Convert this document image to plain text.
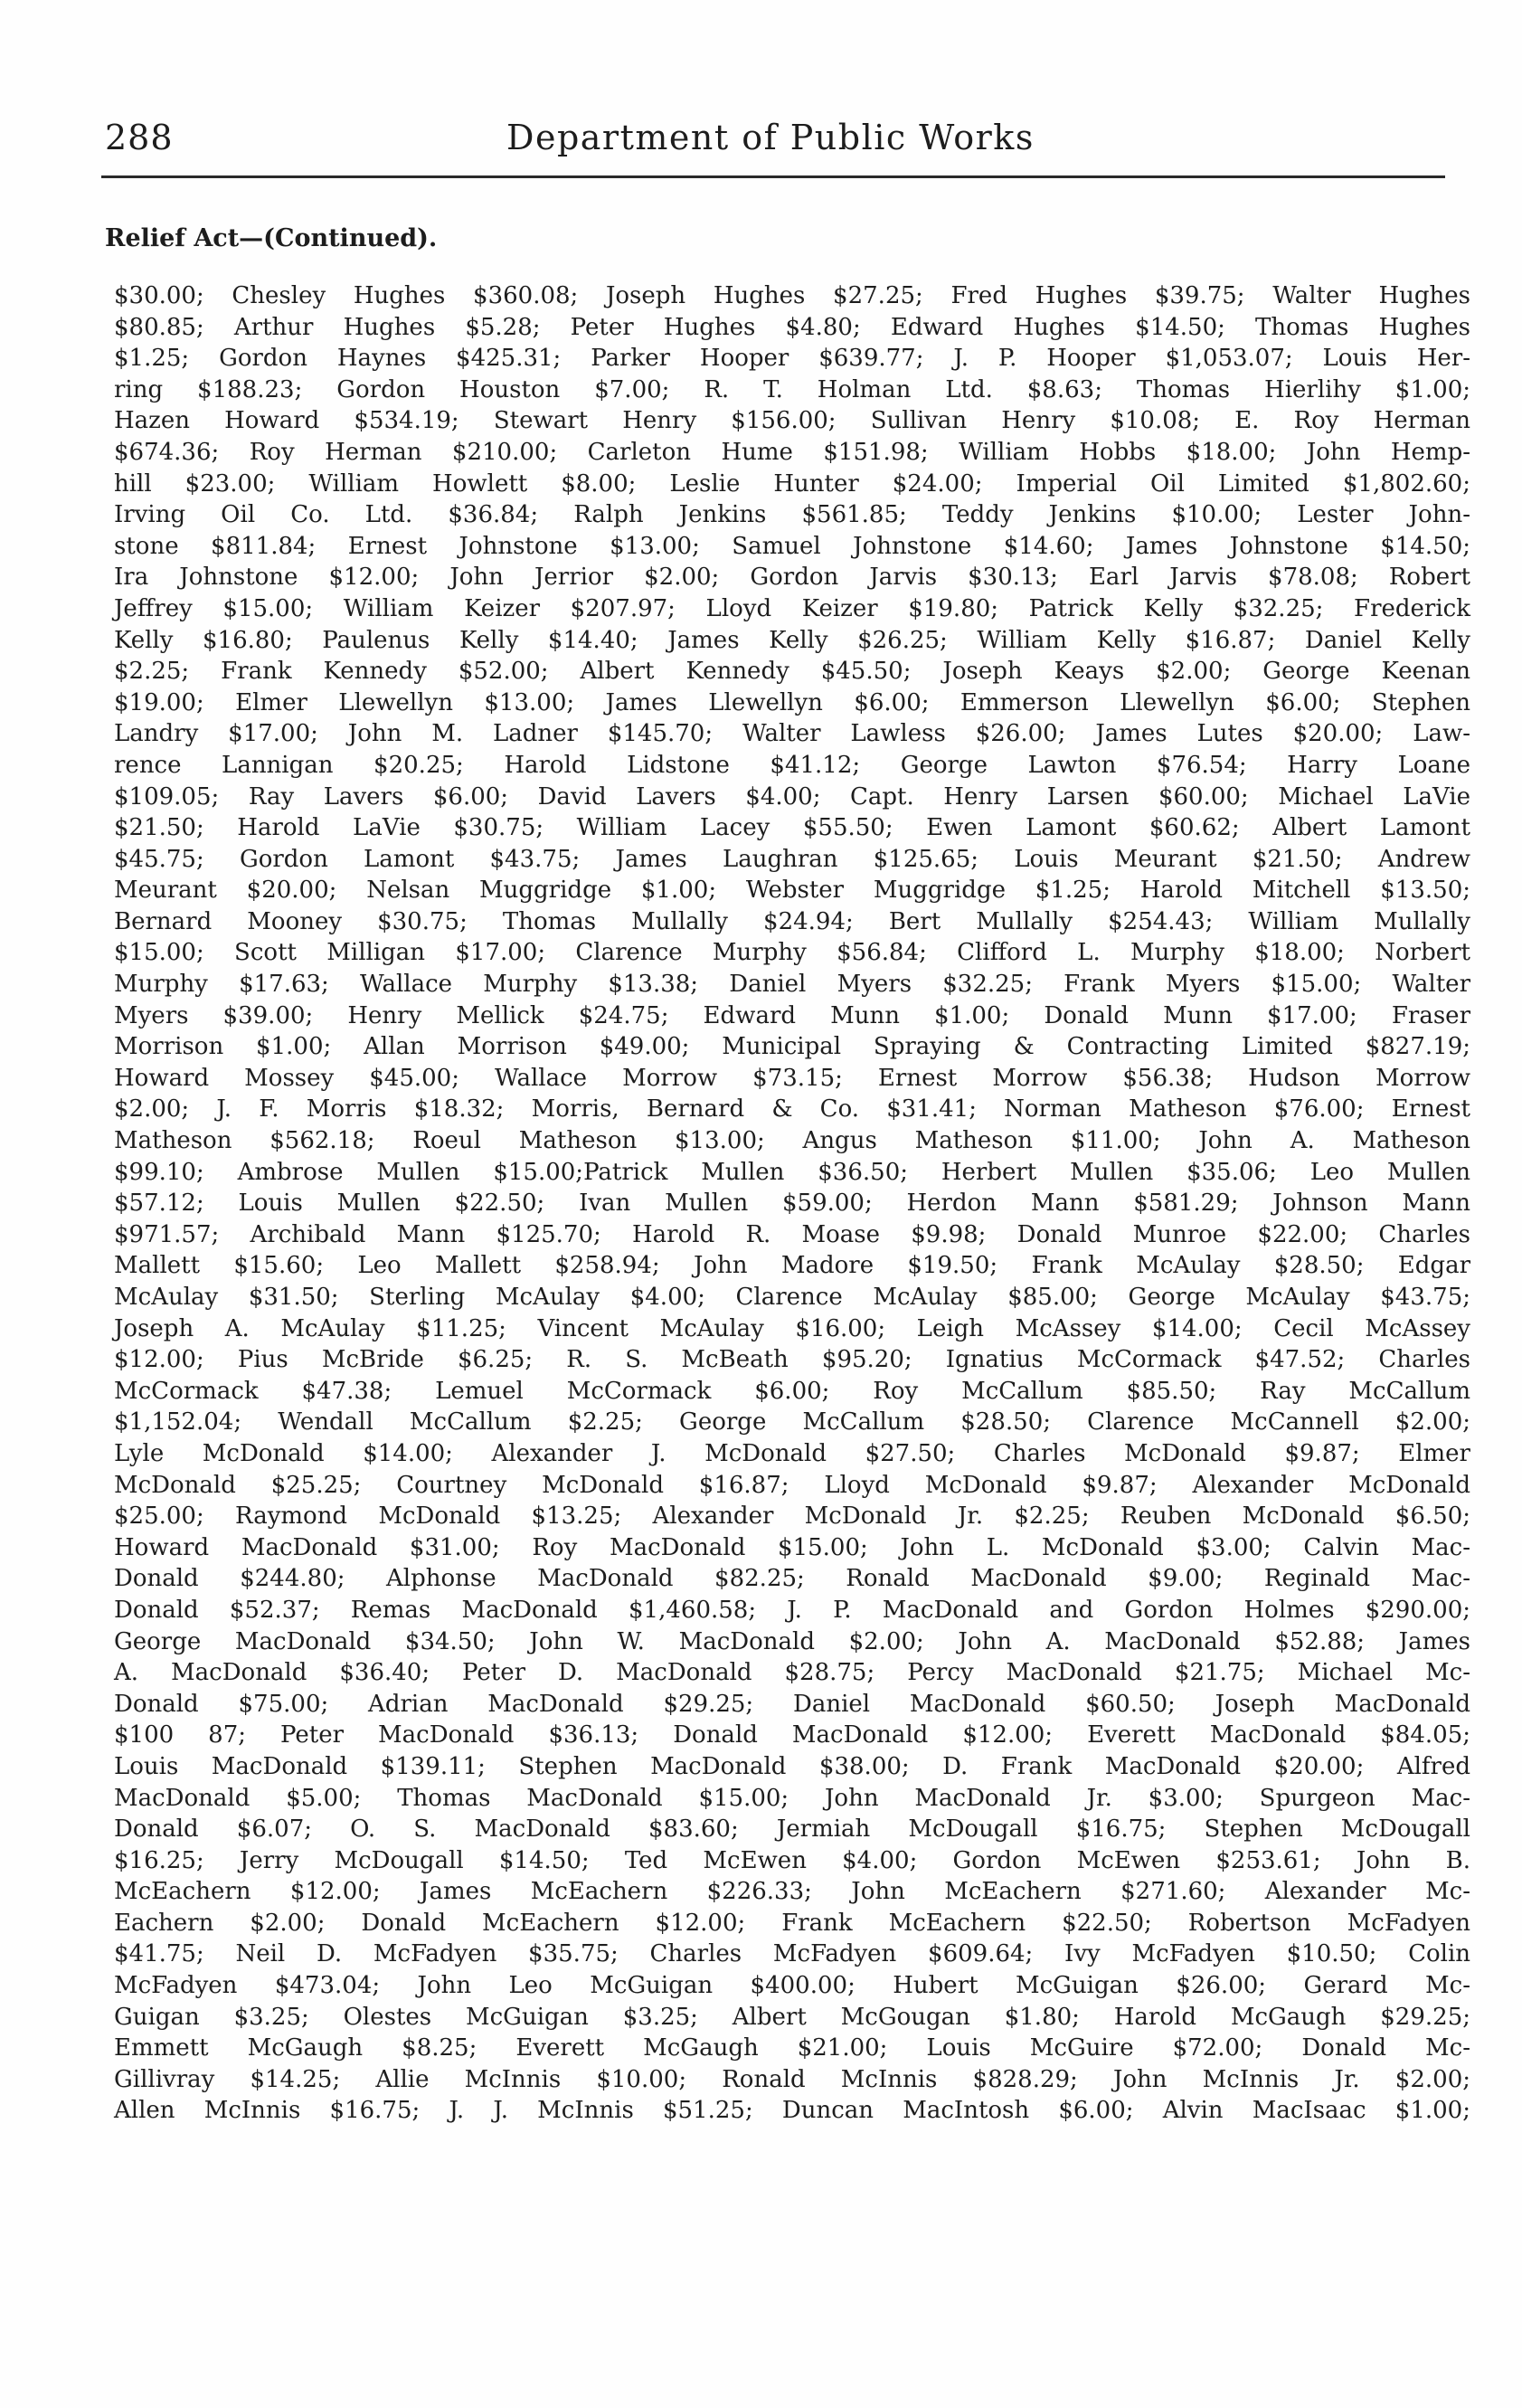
288	Department of Public Works
Relief Act—(Continued).
$30.00; Chesley Hughes $360.08; Joseph Hughes $27.25; Fred Hughes $39.75; Walter Hughes
$80.85; Arthur Hughes $5.28; Peter Hughes $4.80; Edward Hughes $14.50; Thomas Hughes
$1.25; Gordon Haynes $425.31; Parker Hooper $639.77; J. P. Hooper $1,053.07; Louis Her-
ring $188.23; Gordon Houston $7.00; R. T. Holman Ltd. $8.63; Thomas Hierlihy $1.00;
Hazen Howard $534.19; Stewart Henry $156.00; Sullivan Henry $10.08; E. Roy Herman
$674.36; Roy Herman $210.00; Carleton Hume $151.98; William Hobbs $18.00; John Hemp-
hill $23.00; William Howlett $8.00; Leslie Hunter $24.00; Imperial Oil Limited $1,802.60;
Irving Oil Co. Ltd. $36.84; Ralph Jenkins $561.85; Teddy Jenkins $10.00; Lester John-
stone $811.84; Ernest Johnstone $13.00; Samuel Johnstone $14.60; James Johnstone $14.50;
Ira Johnstone $12.00; John Jerrior $2.00; Gordon Jarvis $30.13; Earl Jarvis $78.08; Robert
Jeffrey $15.00; William Keizer $207.97; Lloyd Keizer $19.80; Patrick Kelly $32.25; Frederick
Kelly $16.80; Paulenus Kelly $14.40; James Kelly $26.25; William Kelly $16.87; Daniel Kelly
$2.25; Frank Kennedy $52.00; Albert Kennedy $45.50; Joseph Keays $2.00; George Keenan
$19.00; Elmer Llewellyn $13.00; James Llewellyn $6.00; Emmerson Llewellyn $6.00; Stephen
Landry $17.00; John M. Ladner $145.70; Walter Lawless $26.00; James Lutes $20.00; Law-
rence Lannigan $20.25; Harold Lidstone $41.12; George Lawton $76.54; Harry Loane
$109.05; Ray Lavers $6.00; David Lavers $4.00; Capt. Henry Larsen $60.00; Michael LaVie
$21.50; Harold LaVie $30.75; William Lacey $55.50; Ewen Lamont $60.62; Albert Lamont
$45.75; Gordon Lamont $43.75; James Laughran $125.65; Louis Meurant $21.50; Andrew
Meurant $20.00; Nelsan Muggridge $1.00; Webster Muggridge $1.25; Harold Mitchell $13.50;
Bernard Mooney $30.75; Thomas Mullally $24.94; Bert Mullally $254.43; William Mullally
$15.00; Scott Milligan $17.00; Clarence Murphy $56.84; Clifford L. Murphy $18.00; Norbert
Murphy $17.63; Wallace Murphy $13.38; Daniel Myers $32.25; Frank Myers $15.00; Walter
Myers $39.00; Henry Mellick $24.75; Edward Munn $1.00; Donald Munn $17.00; Fraser
Morrison $1.00; Allan Morrison $49.00; Municipal Spraying & Contracting Limited $827.19;
Howard Mossey $45.00; Wallace Morrow $73.15; Ernest Morrow $56.38; Hudson Morrow
$2.00; J. F. Morris $18.32; Morris, Bernard & Co. $31.41; Norman Matheson $76.00; Ernest
Matheson $562.18; Roeul Matheson $13.00; Angus Matheson $11.00; John A. Matheson
$99.10; Ambrose Mullen $15.00;Patrick Mullen $36.50; Herbert Mullen $35.06; Leo Mullen
$57.12; Louis Mullen $22.50; Ivan Mullen $59.00; Herdon Mann $581.29; Johnson Mann
$971.57; Archibald Mann $125.70; Harold R. Moase $9.98; Donald Munroe $22.00; Charles
Mallett $15.60; Leo Mallett $258.94; John Madore $19.50; Frank McAulay $28.50; Edgar
McAulay $31.50; Sterling McAulay $4.00; Clarence McAulay $85.00; George McAulay $43.75;
Joseph A. McAulay $11.25; Vincent McAulay $16.00; Leigh McAssey $14.00; Cecil McAssey
$12.00; Pius McBride $6.25; R. S. McBeath $95.20; Ignatius McCormack $47.52; Charles
McCormack $47.38; Lemuel McCormack $6.00; Roy McCallum $85.50; Ray McCallum
$1,152.04; Wendall McCallum $2.25; George McCallum $28.50; Clarence McCannell $2.00;
Lyle McDonald $14.00; Alexander J. McDonald $27.50; Charles McDonald $9.87; Elmer
McDonald $25.25; Courtney McDonald $16.87; Lloyd McDonald $9.87; Alexander McDonald
$25.00; Raymond McDonald $13.25; Alexander McDonald Jr. $2.25; Reuben McDonald $6.50;
Howard MacDonald $31.00; Roy MacDonald $15.00; John L. McDonald $3.00; Calvin Mac-
Donald $244.80; Alphonse MacDonald $82.25; Ronald MacDonald $9.00; Reginald Mac-
Donald $52.37; Remas MacDonald $1,460.58; J. P. MacDonald and Gordon Holmes $290.00;
George MacDonald $34.50; John W. MacDonald $2.00; John A. MacDonald $52.88; James
A. MacDonald $36.40; Peter D. MacDonald $28.75; Percy MacDonald $21.75; Michael Mc-
Donald $75.00; Adrian MacDonald $29.25; Daniel MacDonald $60.50; Joseph MacDonald
$100 87; Peter MacDonald $36.13; Donald MacDonald $12.00; Everett MacDonald $84.05;
Louis MacDonald $139.11; Stephen MacDonald $38.00; D. Frank MacDonald $20.00; Alfred
MacDonald $5.00; Thomas MacDonald $15.00; John MacDonald Jr. $3.00; Spurgeon Mac-
Donald $6.07; O. S. MacDonald $83.60; Jermiah McDougall $16.75; Stephen McDougall
$16.25; Jerry McDougall $14.50; Ted McEwen $4.00; Gordon McEwen $253.61; John B.
McEachern $12.00; James McEachern $226.33; John McEachern $271.60; Alexander Mc-
Eachern $2.00; Donald McEachern $12.00; Frank McEachern $22.50; Robertson McFadyen
$41.75; Neil D. McFadyen $35.75; Charles McFadyen $609.64; Ivy McFadyen $10.50; Colin
McFadyen $473.04; John Leo McGuigan $400.00; Hubert McGuigan $26.00; Gerard Mc-
Guigan $3.25; Olestes McGuigan $3.25; Albert McGougan $1.80; Harold McGaugh $29.25;
Emmett McGaugh $8.25; Everett McGaugh $21.00; Louis McGuire $72.00; Donald Mc-
Gillivray $14.25; Allie McInnis $10.00; Ronald McInnis $828.29; John McInnis Jr. $2.00;
Allen McInnis $16.75; J. J. McInnis $51.25; Duncan MacIntosh $6.00; Alvin MacIsaac $1.00;
